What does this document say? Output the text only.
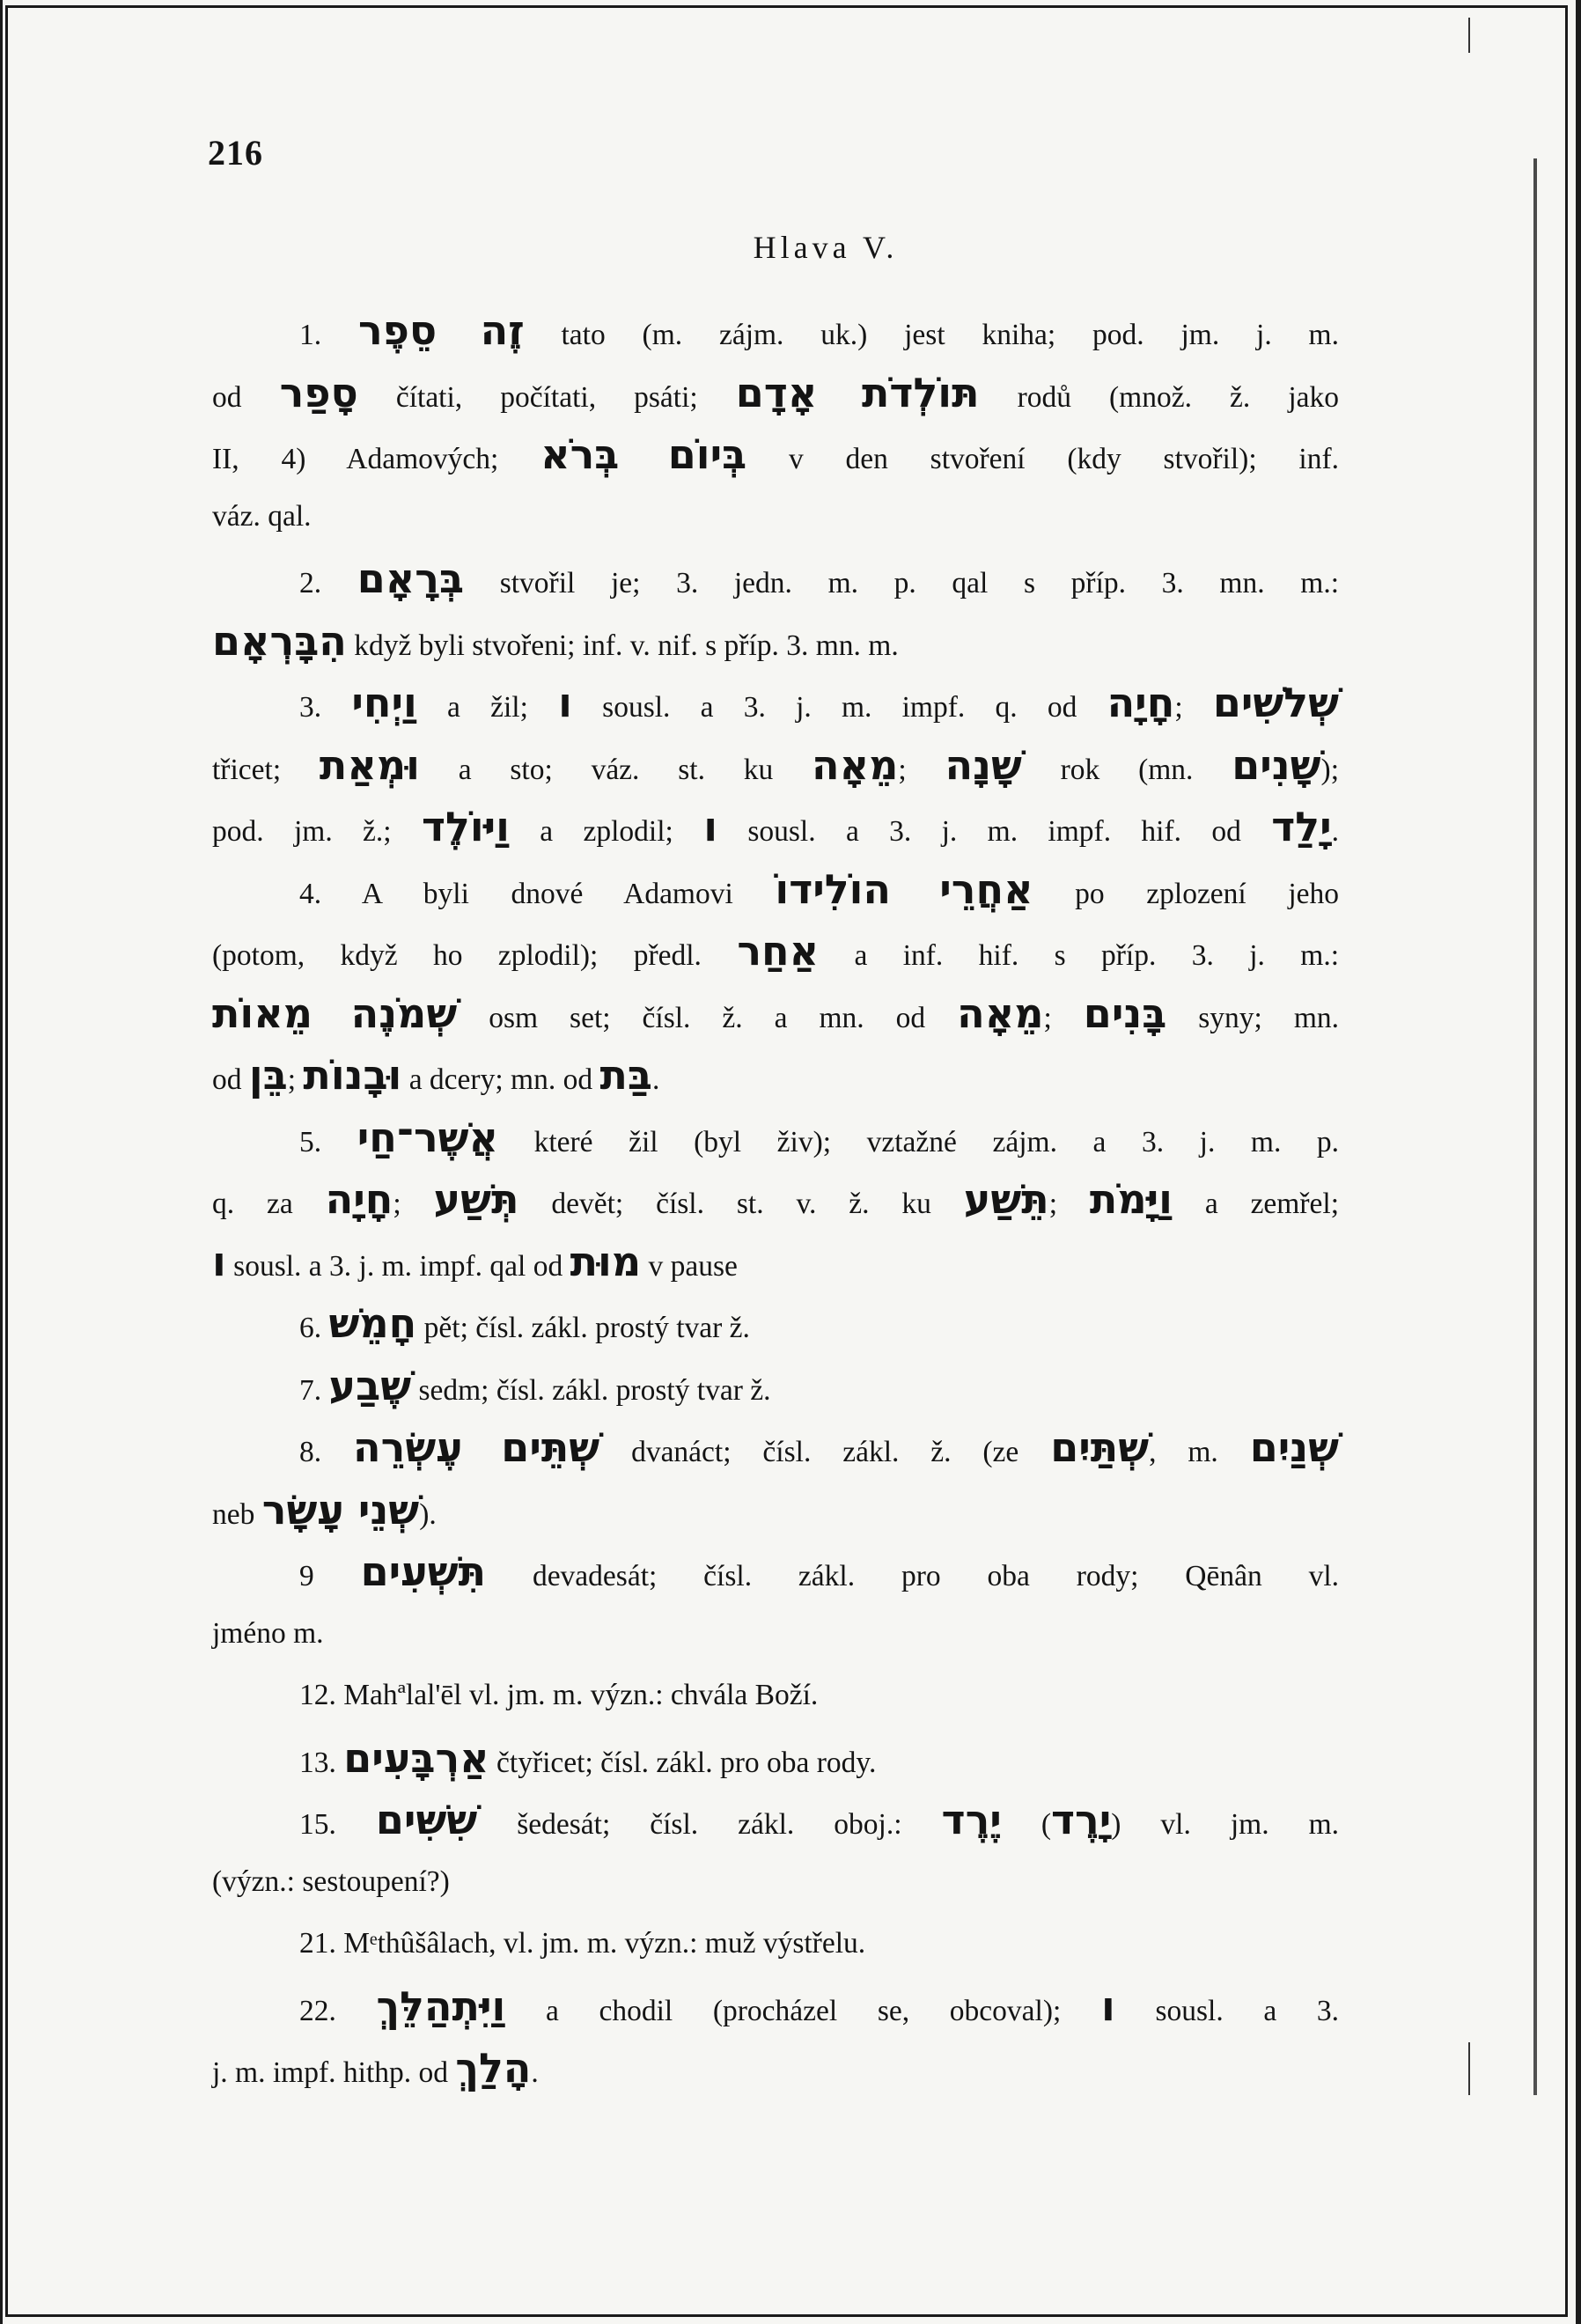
216
Hlava V.
1. זֶה סֵפֶר tato (m. zájm. uk.) jest kniha; pod. jm. j. m.
od סָפַר čítati, počítati, psáti; תּוֹלְדֹת אָדָם rodů (množ. ž. jako
II, 4) Adamových; בְּיוֹם בְּרֹא v den stvoření (kdy stvořil); inf.
váz. qal.
2. בְּרָאָם stvořil je; 3. jedn. m. p. qal s příp. 3. mn. m.:
הִבָּרְאָם když byli stvořeni; inf. v. nif. s příp. 3. mn. m.
3. וַיְחִי a žil; ו sousl. a 3. j. m. impf. q. od חָיָה; שְׁלֹשִׁים
třicet; וּמְאַת a sto; váz. st. ku מֵאָה; שָׁנָה rok (mn. שָׁנִים);
pod. jm. ž.; וַיּוֹלֶד a zplodil; ו sousl. a 3. j. m. impf. hif. od יָלַד.
4. A byli dnové Adamovi אַחֲרֵי הוֹלִידוֹ po zplození jeho
(potom, když ho zplodil); předl. אַחַר a inf. hif. s příp. 3. j. m.:
שְׁמֹנֶה מֵאוֹת osm set; čísl. ž. a mn. od מֵאָה; בָּנִים syny; mn.
od בֵּן; וּבָנוֹת a dcery; mn. od בַּת.
5. אֲשֶׁר־חַי které žil (byl živ); vztažné zájm. a 3. j. m. p.
q. za חָיָה; תְּשַׁע devět; čísl. st. v. ž. ku תֵּשַׁע; וַיָּמֹת a zemřel;
ו sousl. a 3. j. m. impf. qal od מוּת v pause
6. חָמֵשׁ pět; čísl. zákl. prostý tvar ž.
7. שֶׁבַע sedm; čísl. zákl. prostý tvar ž.
8. שְׁתֵּים עֶשְׂרֵה dvanáct; čísl. zákl. ž. (ze שְׁתַּיִם, m. שְׁנַיִם
neb שְׁנֵי עָשָׂר).
9 תִּשְׁעִים devadesát; čísl. zákl. pro oba rody; Qēnân vl.
jméno m.
12. Mahªlal'ēl vl. jm. m. význ.: chvála Boží.
13. אַרְבָּעִים čtyřicet; čísl. zákl. pro oba rody.
15. שִׁשִּׁים šedesát; čísl. zákl. oboj.: יֶרֶד (יָרֶד) vl. jm. m.
(význ.: sestoupení?)
21. Mᵉthûšâlach, vl. jm. m. význ.: muž výstřelu.
22. וַיִּתְהַלֵּךְ a chodil (procházel se, obcoval); ו sousl. a 3.
j. m. impf. hithp. od הָלַךְ.
